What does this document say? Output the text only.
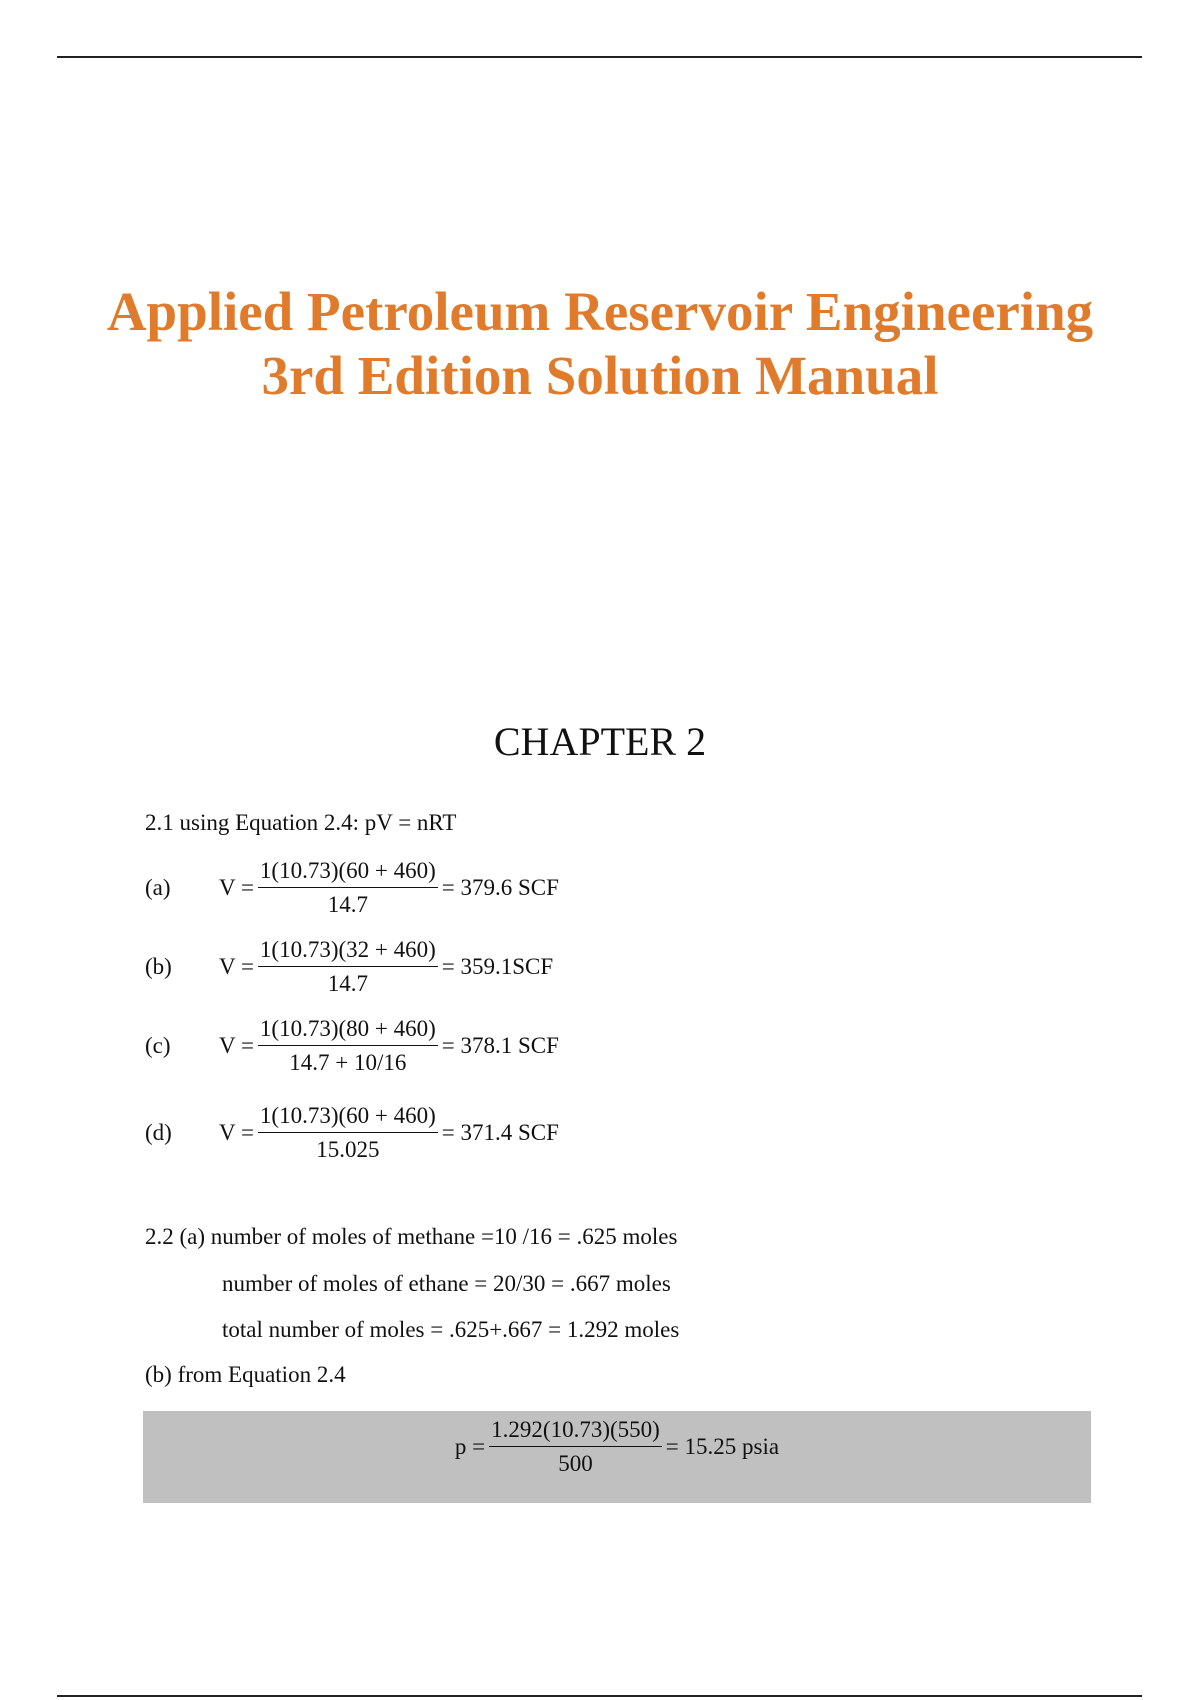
Applied Petroleum Reservoir Engineering
3rd Edition Solution Manual
CHAPTER 2
2.1 using Equation 2.4: pV = nRT
(a)	$V = \frac{1(10.73)(60 + 460)}{14.7} = 379.6$ SCF
(b)	$V = \frac{1(10.73)(32 + 460)}{14.7} = 359.1SCF$
(c)	$V = \frac{1(10.73)(80 + 460)}{14.7 + 10/16} = 378.1$ SCF
(d)	$V = \frac{1(10.73)(60 + 460)}{15.025} = 371.4$ SCF
2.2 (a) number of moles of methane =10 /16 = .625 moles
number of moles of ethane = 20/30 = .667 moles
total number of moles = .625+.667 = 1.292 moles
(b) from Equation 2.4
$p = \frac{1.292(10.73)(550)}{500} = 15.25$ psia
